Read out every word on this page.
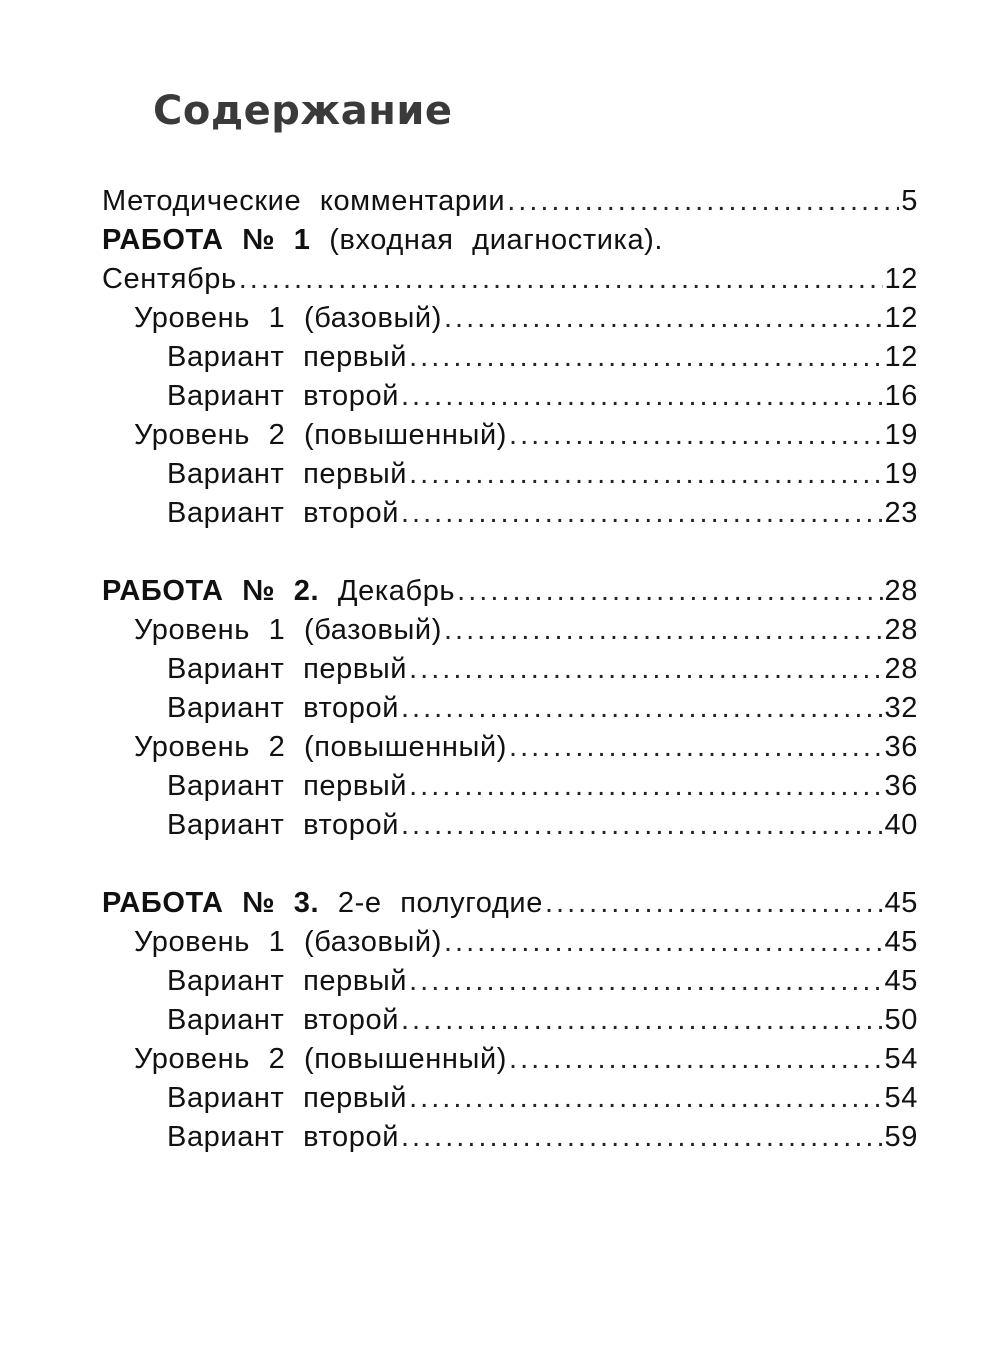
Содержание
Методические комментарии .....	5
РАБОТА № 1 (входная диагностика).
Сентябрь .....	12
Уровень 1 (базовый) .....	12
Вариант первый .....	12
Вариант второй .....	16
Уровень 2 (повышенный) .....	19
Вариант первый .....	19
Вариант второй .....	23
РАБОТА № 2. Декабрь .....	28
Уровень 1 (базовый) .....	28
Вариант первый .....	28
Вариант второй .....	32
Уровень 2 (повышенный) .....	36
Вариант первый .....	36
Вариант второй .....	40
РАБОТА № 3. 2-е полугодие .....	45
Уровень 1 (базовый) .....	45
Вариант первый .....	45
Вариант второй .....	50
Уровень 2 (повышенный) .....	54
Вариант первый .....	54
Вариант второй .....	59
